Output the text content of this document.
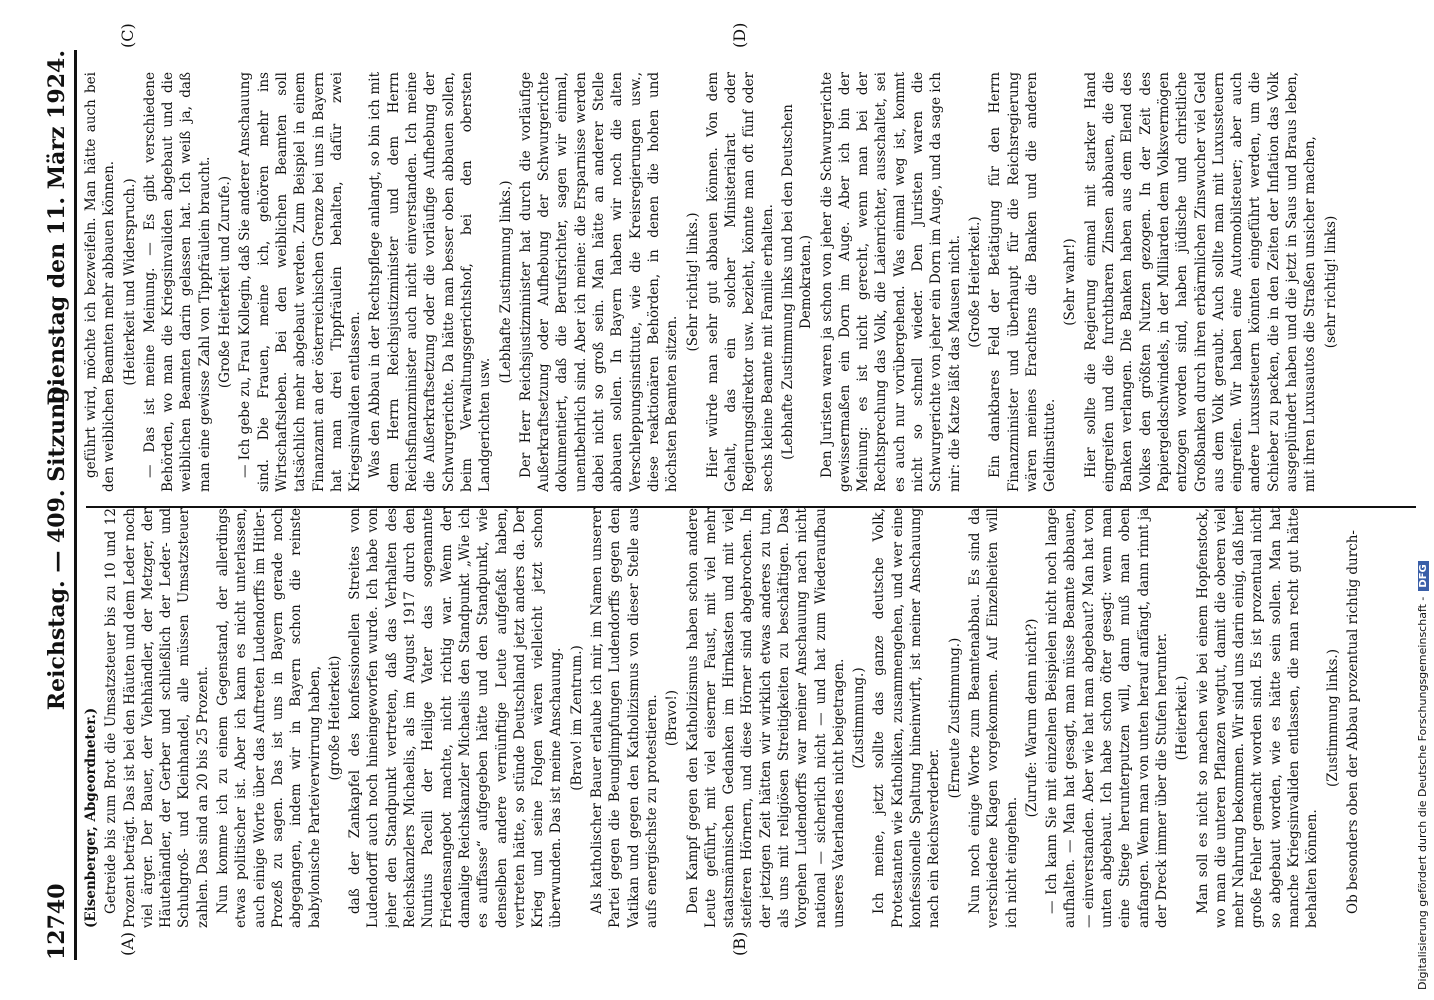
12740
Reichstag. — 409. Sitzung.
Dienstag den 11. März 1924.
(A)	(B)
(C)	(D)

(Eisenberger, Abgeordneter.) Getreide bis zum Brot die Umsatzsteuer bis zu 10 und 12 Prozent beträgt. Das ist bei den Häuten und dem Leder noch viel ärger. Der Bauer, der Viehhändler, der Metzger, der Häutehändler, der Gerber und schließlich der Leder- und Schuhgroß- und Kleinhandel, alle müssen Umsatzsteuer zahlen. Das sind an 20 bis 25 Prozent. Nun komme ich zu einem Gegenstand, der allerdings etwas politischer ist. Aber ich kann es nicht unterlassen, auch einige Worte über das Auftreten Ludendorffs im Hitler-Prozeß zu sagen. Das ist uns in Bayern gerade noch abgegangen, indem wir in Bayern schon die reinste babylonische Parteiverwirrung haben, (große Heiterkeit) daß der Zankapfel des konfessionellen Streites von Ludendorff auch noch hineingeworfen wurde. Ich habe von jeher den Standpunkt vertreten, daß das Verhalten des Reichskanzlers Michaelis, als im August 1917 durch den Nuntius Pacelli der Heilige Vater das sogenannte Friedensangebot machte, nicht richtig war. Wenn der damalige Reichskanzler Michaelis den Standpunkt „Wie ich es auffasse“ aufgegeben hätte und den Standpunkt, wie denselben andere vernünftige Leute aufgefaßt haben, vertreten hätte, so stünde Deutschland jetzt anders da. Der Krieg und seine Folgen wären vielleicht jetzt schon überwunden. Das ist meine Anschauung. (Bravo! im Zentrum.) Als katholischer Bauer erlaube ich mir, im Namen unserer Partei gegen die Beunglimpfungen Ludendorffs gegen den Vatikan und gegen den Katholizismus von dieser Stelle aus aufs energischste zu protestieren. (Bravo!) Den Kampf gegen den Katholizismus haben schon andere Leute geführt, mit viel eiserner Faust, mit viel mehr staatsmännischen Gedanken im Hirnkasten und mit viel steiferen Hörnern, und diese Hörner sind abgebrochen. In der jetzigen Zeit hätten wir wirklich etwas anderes zu tun, als uns mit religiösen Streitigkeiten zu beschäftigen. Das Vorgehen Ludendorffs war meiner Anschauung nach nicht national — sicherlich nicht — und hat zum Wiederaufbau unseres Vaterlandes nicht beigetragen. (Zustimmung.) Ich meine, jetzt sollte das ganze deutsche Volk, Protestanten wie Katholiken, zusammengehen, und wer eine konfessionelle Spaltung hineinwirft, ist meiner Anschauung nach ein Reichsverderber.

(Erneute Zustimmung.) Nun noch einige Worte zum Beamtenabbau. Es sind da verschiedene Klagen vorgekommen. Auf Einzelheiten will ich nicht eingehen.

(Zurufe: Warum denn nicht?) — Ich kann Sie mit einzelnen Beispielen nicht noch lange aufhalten. — Man hat gesagt, man müsse Beamte abbauen, — einverstanden. Aber wie hat man abgebaut? Man hat von unten abgebaut. Ich habe schon öfter gesagt: wenn man eine Stiege herunterputzen will, dann muß man oben anfangen. Wenn man von unten herauf anfängt, dann rinnt ja der Dreck immer über die Stufen herunter. (Heiterkeit.) Man soll es nicht so machen wie bei einem Hopfenstock, wo man die unteren Pflanzen wegtut, damit die oberen viel mehr Nahrung bekommen. Wir sind uns darin einig, daß hier große Fehler gemacht worden sind. Es ist prozentual nicht so abgebaut worden, wie es hätte sein sollen. Man hat manche Kriegsinvaliden entlassen, die man recht gut hätte behalten können.

(Zustimmung links.) Ob besonders oben der Abbau prozentual richtig durch-

geführt wird, möchte ich bezweifeln. Man hätte auch bei den weiblichen Beamten mehr abbauen können. (Heiterkeit und Widerspruch.) — Das ist meine Meinung. — Es gibt verschiedene Behörden, wo man die Kriegsinvaliden abgebaut und die weiblichen Beamten darin gelassen hat. Ich weiß ja, daß man eine gewisse Zahl von Tippfräulein braucht. (Große Heiterkeit und Zurufe.) — Ich gebe zu, Frau Kollegin, daß Sie anderer Anschauung sind. Die Frauen, meine ich, gehören mehr ins Wirtschaftsleben. Bei den weiblichen Beamten soll tatsächlich mehr abgebaut werden. Zum Beispiel in einem Finanzamt an der österreichischen Grenze bei uns in Bayern hat man drei Tippfräulein behalten, dafür zwei Kriegsinvaliden entlassen. Was den Abbau in der Rechtspflege anlangt, so bin ich mit dem Herrn Reichsjustizminister und dem Herrn Reichsfinanzminister auch nicht einverstanden. Ich meine die Außerkraftsetzung oder die vorläufige Aufhebung der Schwurgerichte. Da hätte man besser oben abbauen sollen, beim Verwaltungsgerichtshof, bei den obersten Landgerichten usw.

(Lebhafte Zustimmung links.) Der Herr Reichsjustizminister hat durch die vorläufige Außerkraftsetzung oder Aufhebung der Schwurgerichte dokumentiert, daß die Berufsrichter, sagen wir einmal, unentbehrlich sind. Aber ich meine: die Ersparnisse werden dabei nicht so groß sein. Man hätte an anderer Stelle abbauen sollen. In Bayern haben wir noch die alten Verschleppungsinstitute, wie die Kreisregierungen usw., diese reaktionären Behörden, in denen die hohen und höchsten Beamten sitzen.

(Sehr richtig! links.) Hier würde man sehr gut abbauen können. Von dem Gehalt, das ein solcher Ministerialrat oder Regierungsdirektor usw. bezieht, könnte man oft fünf oder sechs kleine Beamte mit Familie erhalten. (Lebhafte Zustimmung links und bei den Deutschen Demokraten.) Den Juristen waren ja schon von jeher die Schwurgerichte gewissermaßen ein Dorn im Auge. Aber ich bin der Meinung: es ist nicht gerecht, wenn man bei der Rechtsprechung das Volk, die Laienrichter, ausschaltet, sei es auch nur vorübergehend. Was einmal weg ist, kommt nicht so schnell wieder. Den Juristen waren die Schwurgerichte von jeher ein Dorn im Auge, und da sage ich mir: die Katze läßt das Mausen nicht. (Große Heiterkeit.) Ein dankbares Feld der Betätigung für den Herrn Finanzminister und überhaupt für die Reichsregierung wären meines Erachtens die Banken und die anderen Geldinstitute.

(Sehr wahr!) Hier sollte die Regierung einmal mit starker Hand eingreifen und die furchtbaren Zinsen abbauen, die die Banken verlangen. Die Banken haben aus dem Elend des Volkes den größten Nutzen gezogen. In der Zeit des Papiergeldschwindels, in der Milliarden dem Volksvermögen entzogen worden sind, haben jüdische und christliche Großbanken durch ihren erbärmlichen Zinswucher viel Geld aus dem Volk geraubt. Auch sollte man mit Luxussteuern eingreifen. Wir haben eine Automobilsteuer; aber auch andere Luxussteuern könnten eingeführt werden, um die Schieber zu packen, die in den Zeiten der Inflation das Volk ausgeplündert haben und die jetzt in Saus und Braus leben, mit ihren Luxusautos die Straßen unsicher machen, (sehr richtig! links)

Digitalisierung gefördert durch die Deutsche Forschungsgemeinschaft -DFG
